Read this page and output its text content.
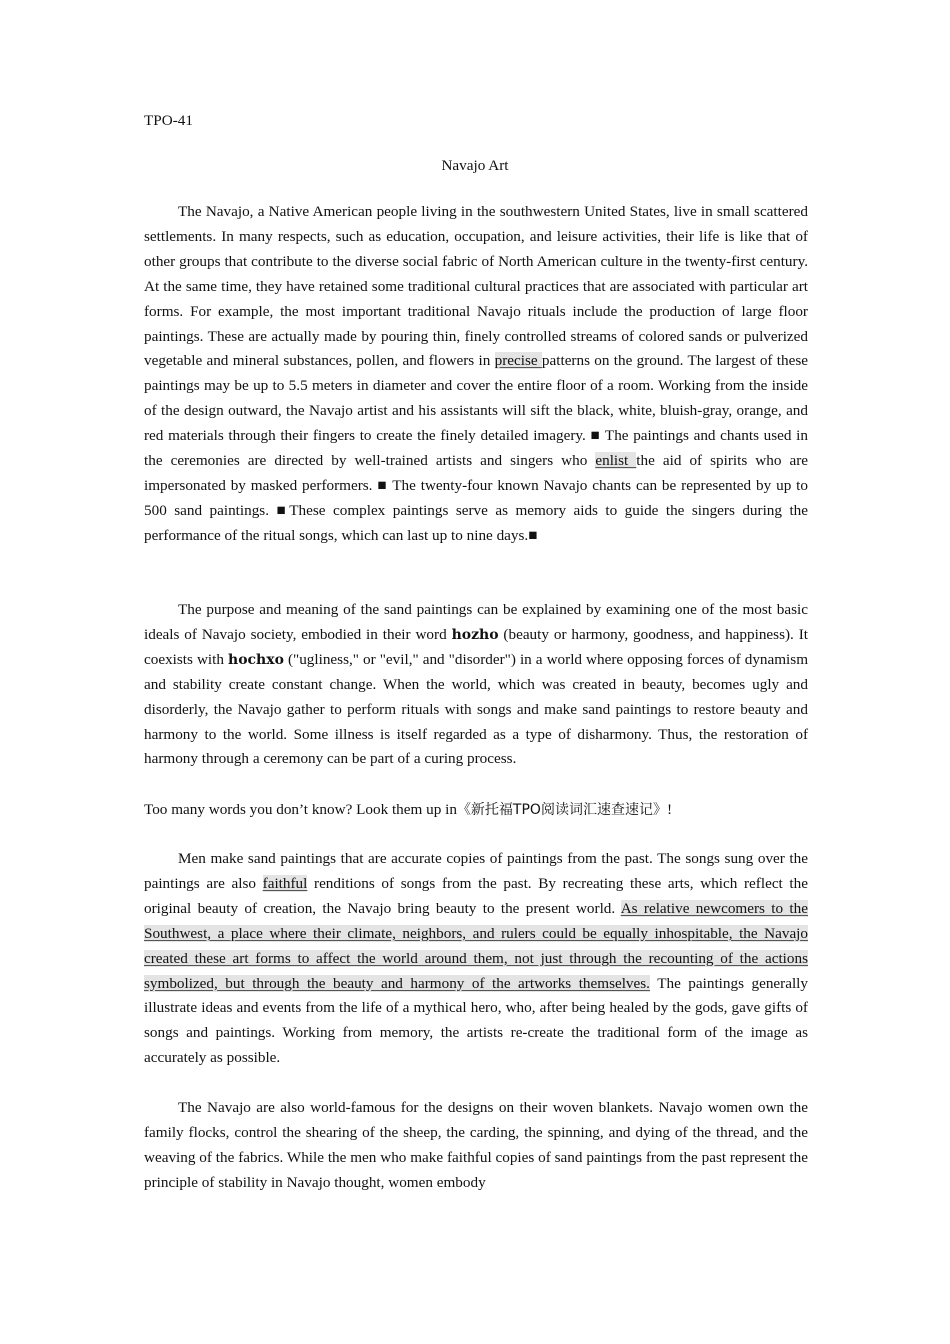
TPO-41
Navajo Art

The Navajo, a Native American people living in the southwestern United States, live in small scattered settlements. In many respects, such as education, occupation, and leisure activities, their life is like that of other groups that contribute to the diverse social fabric of North American culture in the twenty-first century. At the same time, they have retained some traditional cultural practices that are associated with particular art forms. For example, the most important traditional Navajo rituals include the production of large floor paintings. These are actually made by pouring thin, finely controlled streams of colored sands or pulverized vegetable and mineral substances, pollen, and flowers in precise patterns on the ground. The largest of these paintings may be up to 5.5 meters in diameter and cover the entire floor of a room. Working from the inside of the design outward, the Navajo artist and his assistants will sift the black, white, bluish-gray, orange, and red materials through their fingers to create the finely detailed imagery. ■ The paintings and chants used in the ceremonies are directed by well-trained artists and singers who enlist the aid of spirits who are impersonated by masked performers. ■ The twenty-four known Navajo chants can be represented by up to 500 sand paintings. ■These complex paintings serve as memory aids to guide the singers during the performance of the ritual songs, which can last up to nine days.■

The purpose and meaning of the sand paintings can be explained by examining one of the most basic ideals of Navajo society, embodied in their word hozho (beauty or harmony, goodness, and happiness). It coexists with hochxo ("ugliness," or "evil," and "disorder") in a world where opposing forces of dynamism and stability create constant change. When the world, which was created in beauty, becomes ugly and disorderly, the Navajo gather to perform rituals with songs and make sand paintings to restore beauty and harmony to the world. Some illness is itself regarded as a type of disharmony. Thus, the restoration of harmony through a ceremony can be part of a curing process.

Too many words you don’t know? Look them up in《新托福TPO阅读词汇速查速记》!

Men make sand paintings that are accurate copies of paintings from the past. The songs sung over the paintings are also faithful renditions of songs from the past. By recreating these arts, which reflect the original beauty of creation, the Navajo bring beauty to the present world. As relative newcomers to the Southwest, a place where their climate, neighbors, and rulers could be equally inhospitable, the Navajo created these art forms to affect the world around them, not just through the recounting of the actions symbolized, but through the beauty and harmony of the artworks themselves. The paintings generally illustrate ideas and events from the life of a mythical hero, who, after being healed by the gods, gave gifts of songs and paintings. Working from memory, the artists re-create the traditional form of the image as accurately as possible.

The Navajo are also world-famous for the designs on their woven blankets. Navajo women own the family flocks, control the shearing of the sheep, the carding, the spinning, and dying of the thread, and the weaving of the fabrics. While the men who make faithful copies of sand paintings from the past represent the principle of stability in Navajo thought, women embody
